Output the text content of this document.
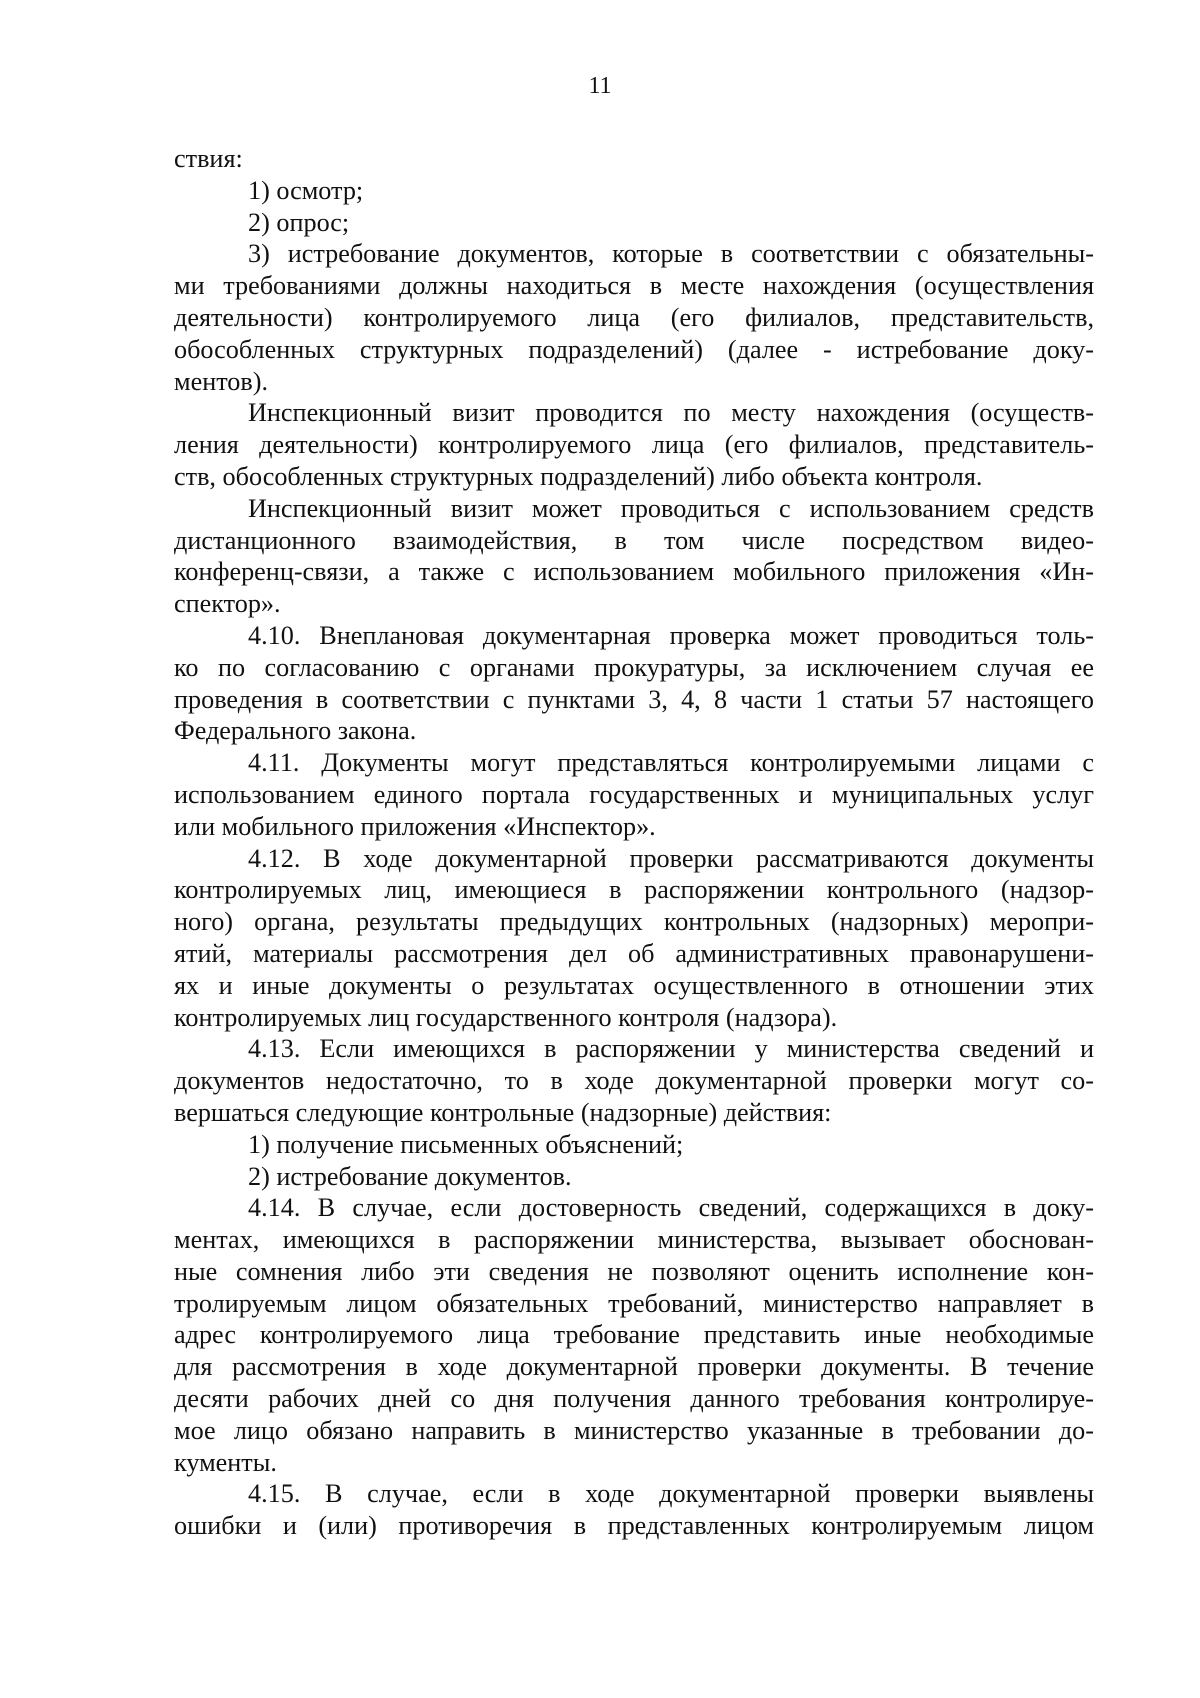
11
ствия:
1) осмотр;
2) опрос;
3) истребование документов, которые в соответствии с обязательны-
ми требованиями должны находиться в месте нахождения (осуществления
деятельности) контролируемого лица (его филиалов, представительств,
обособленных структурных подразделений) (далее - истребование доку-
ментов).
Инспекционный визит проводится по месту нахождения (осуществ-
ления деятельности) контролируемого лица (его филиалов, представитель-
ств, обособленных структурных подразделений) либо объекта контроля.
Инспекционный визит может проводиться с использованием средств
дистанционного взаимодействия, в том числе посредством видео-
конференц-связи, а также с использованием мобильного приложения «Ин-
спектор».
4.10. Внеплановая документарная проверка может проводиться толь-
ко по согласованию с органами прокуратуры, за исключением случая ее
проведения в соответствии с пунктами 3, 4, 8 части 1 статьи 57 настоящего
Федерального закона.
4.11. Документы могут представляться контролируемыми лицами с
использованием единого портала государственных и муниципальных услуг
или мобильного приложения «Инспектор».
4.12. В ходе документарной проверки рассматриваются документы
контролируемых лиц, имеющиеся в распоряжении контрольного (надзор-
ного) органа, результаты предыдущих контрольных (надзорных) меропри-
ятий, материалы рассмотрения дел об административных правонарушени-
ях и иные документы о результатах осуществленного в отношении этих
контролируемых лиц государственного контроля (надзора).
4.13. Если имеющихся в распоряжении у министерства сведений и
документов недостаточно, то в ходе документарной проверки могут со-
вершаться следующие контрольные (надзорные) действия:
1) получение письменных объяснений;
2) истребование документов.
4.14. В случае, если достоверность сведений, содержащихся в доку-
ментах, имеющихся в распоряжении министерства, вызывает обоснован-
ные сомнения либо эти сведения не позволяют оценить исполнение кон-
тролируемым лицом обязательных требований, министерство направляет в
адрес контролируемого лица требование представить иные необходимые
для рассмотрения в ходе документарной проверки документы. В течение
десяти рабочих дней со дня получения данного требования контролируе-
мое лицо обязано направить в министерство указанные в требовании до-
кументы.
4.15. В случае, если в ходе документарной проверки выявлены
ошибки и (или) противоречия в представленных контролируемым лицом
